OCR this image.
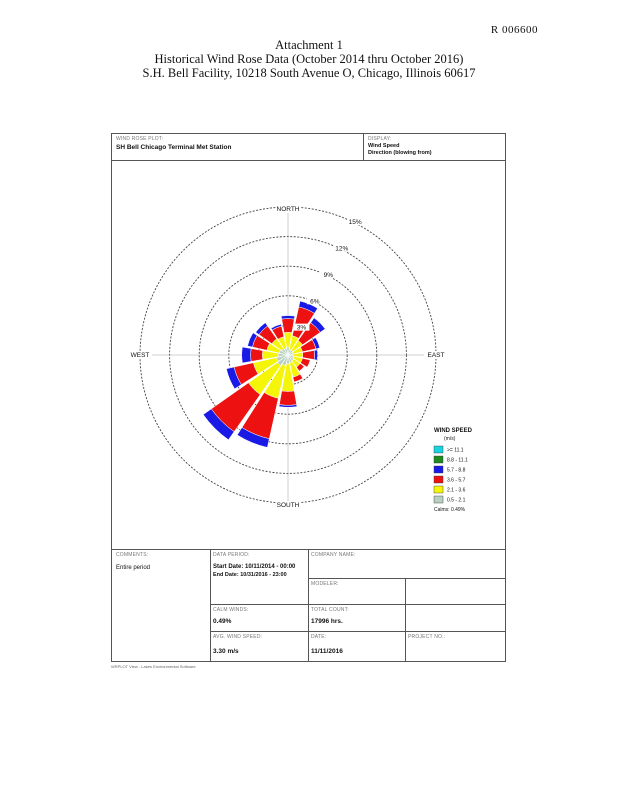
R 006600
Attachment 1
Historical Wind Rose Data (October 2014 thru October 2016)
S.H. Bell Facility, 10218 South Avenue O, Chicago, Illinois 60617
WIND ROSE PLOT:
SH Bell Chicago Terminal Met Station
DISPLAY:
Wind Speed
Direction (blowing from)
3%
6%
9%
12%
15%
NORTH
SOUTH
EAST
WEST
WIND SPEED
(m/s)
>= 11.1
8.8 - 11.1
5.7 - 8.8
3.6 - 5.7
2.1 - 3.6
0.5 - 2.1
Calms: 0.49%
COMMENTS:
Entire period
DATA PERIOD:
Start Date: 10/11/2014 - 00:00
End Date: 10/31/2016 - 23:00
COMPANY NAME:
MODELER:
CALM WINDS:
0.49%
TOTAL COUNT:
17996 hrs.
AVG. WIND SPEED:
3.30 m/s
DATE:
11/11/2016
PROJECT NO.:
WRPLOT View - Lakes Environmental Software
